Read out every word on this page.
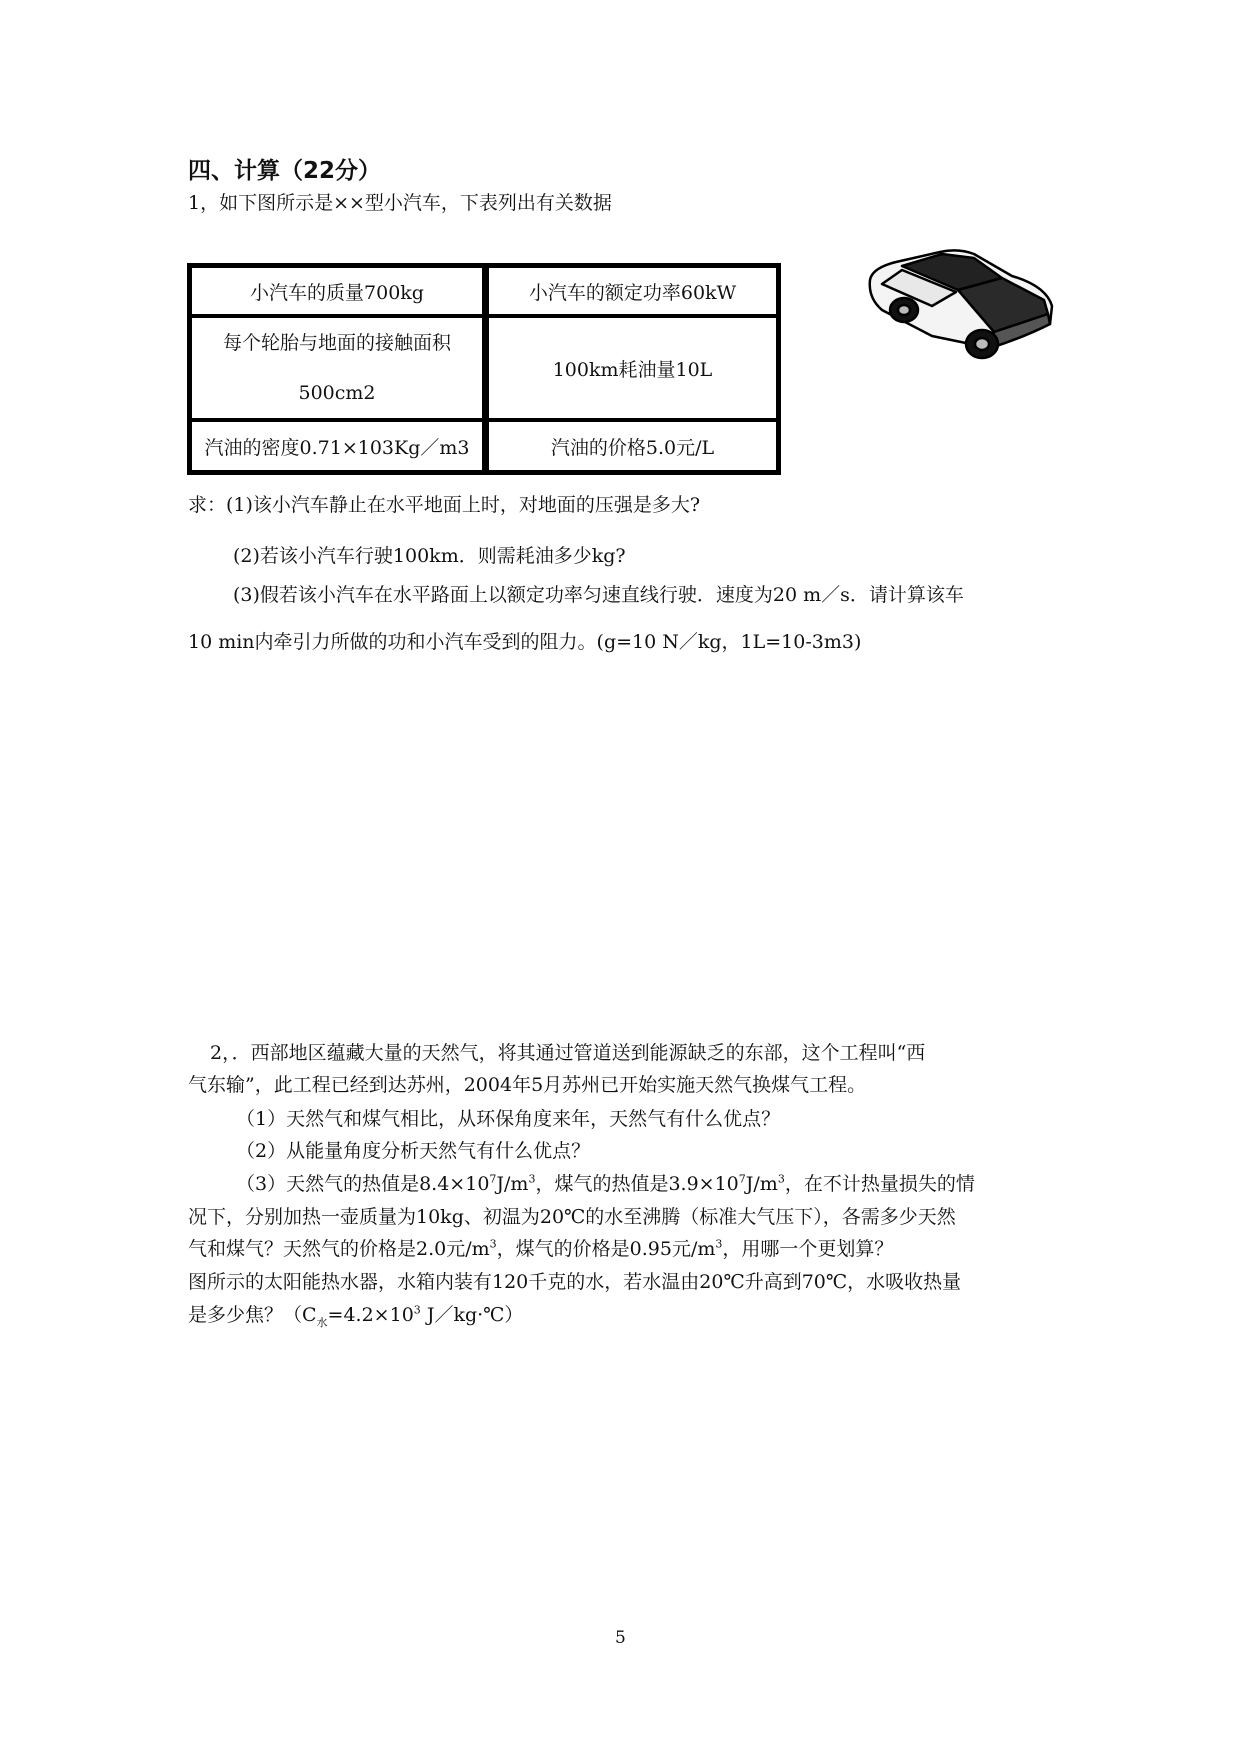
四、计算（22分）

1，如下图所示是××型小汽车，下表列出有关数据

小汽车的质量700kg	小汽车的额定功率60kW

每个轮胎与地面的接触面积
500cm2	100km耗油量10L
汽油的密度0.71×103Kg／m3	汽油的价格5.0元/L

求：(1)该小汽车静止在水平地面上时，对地面的压强是多大?

(2)若该小汽车行驶100km．则需耗油多少kg?

(3)假若该小汽车在水平路面上以额定功率匀速直线行驶．速度为20 m／s．请计算该车

10 min内牵引力所做的功和小汽车受到的阻力。(g=10 N／kg，1L=10-3m3)

2，．西部地区蕴藏大量的天然气，将其通过管道送到能源缺乏的东部，这个工程叫“西

气东输”，此工程已经到达苏州，2004年5月苏州已开始实施天然气换煤气工程。

（1）天然气和煤气相比，从环保角度来年，天然气有什么优点？

（2）从能量角度分析天然气有什么优点？

（3）天然气的热值是$8.4\times 10^7J/m^3$，煤气的热值是$3.9\times 10^7J/m^3$，在不计热量损失的情

况下，分别加热一壶质量为10kg、初温为20℃的水至沸腾（标准大气压下），各需多少天然

气和煤气？天然气的价格是2.0元$/m^3$，煤气的价格是0.95元$/m^3$，用哪一个更划算？

图所示的太阳能热水器，水箱内装有120千克的水，若水温由20℃升高到70℃，水吸收热量

是多少焦？（$C_水=4.2\times 10^3$ J／kg·℃）

5
